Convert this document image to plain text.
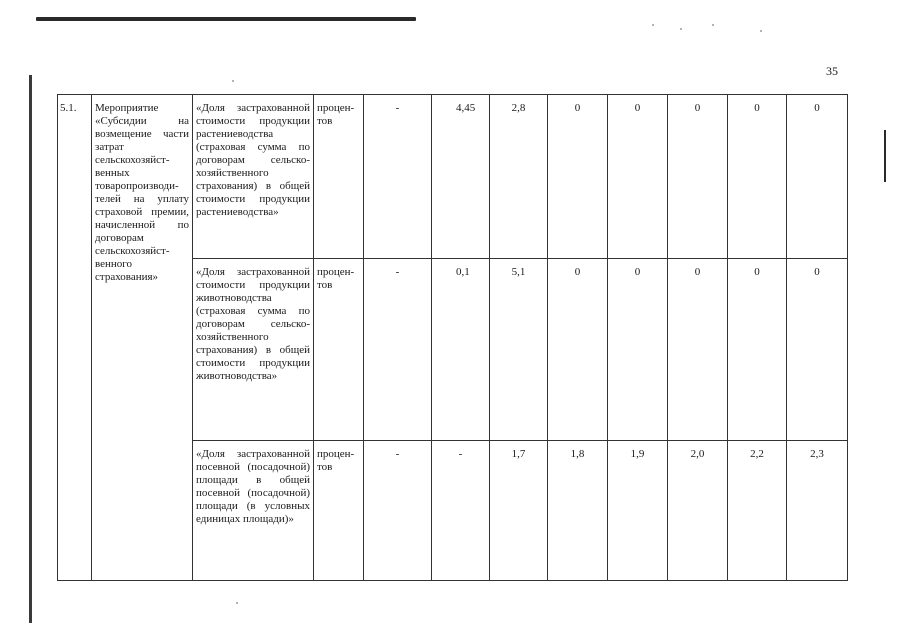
35
5.1.	Мероприятие «Субсидии на возмещение части затрат сельскохозяйст-венных товаропроизводи-телей на уплату страховой премии, начисленной по договорам сельскохозяйст-венного страхования»	«Доля застрахованной стоимости продукции растениеводства (страховая сумма по договорам сельско-хозяйственного страхования) в общей стоимости продукции растениеводства»	процен-тов	-	4,45	2,8	0	0	0	0	0
		«Доля застрахованной стоимости продукции животноводства (страховая сумма по договорам сельско-хозяйственного страхования) в общей стоимости продукции животноводства»	процен-тов	-	0,1	5,1	0	0	0	0	0
		«Доля застрахованной посевной (посадочной) площади в общей посевной (посадочной) площади (в условных единицах площади)»	процен-тов	-	-	1,7	1,8	1,9	2,0	2,2	2,3
